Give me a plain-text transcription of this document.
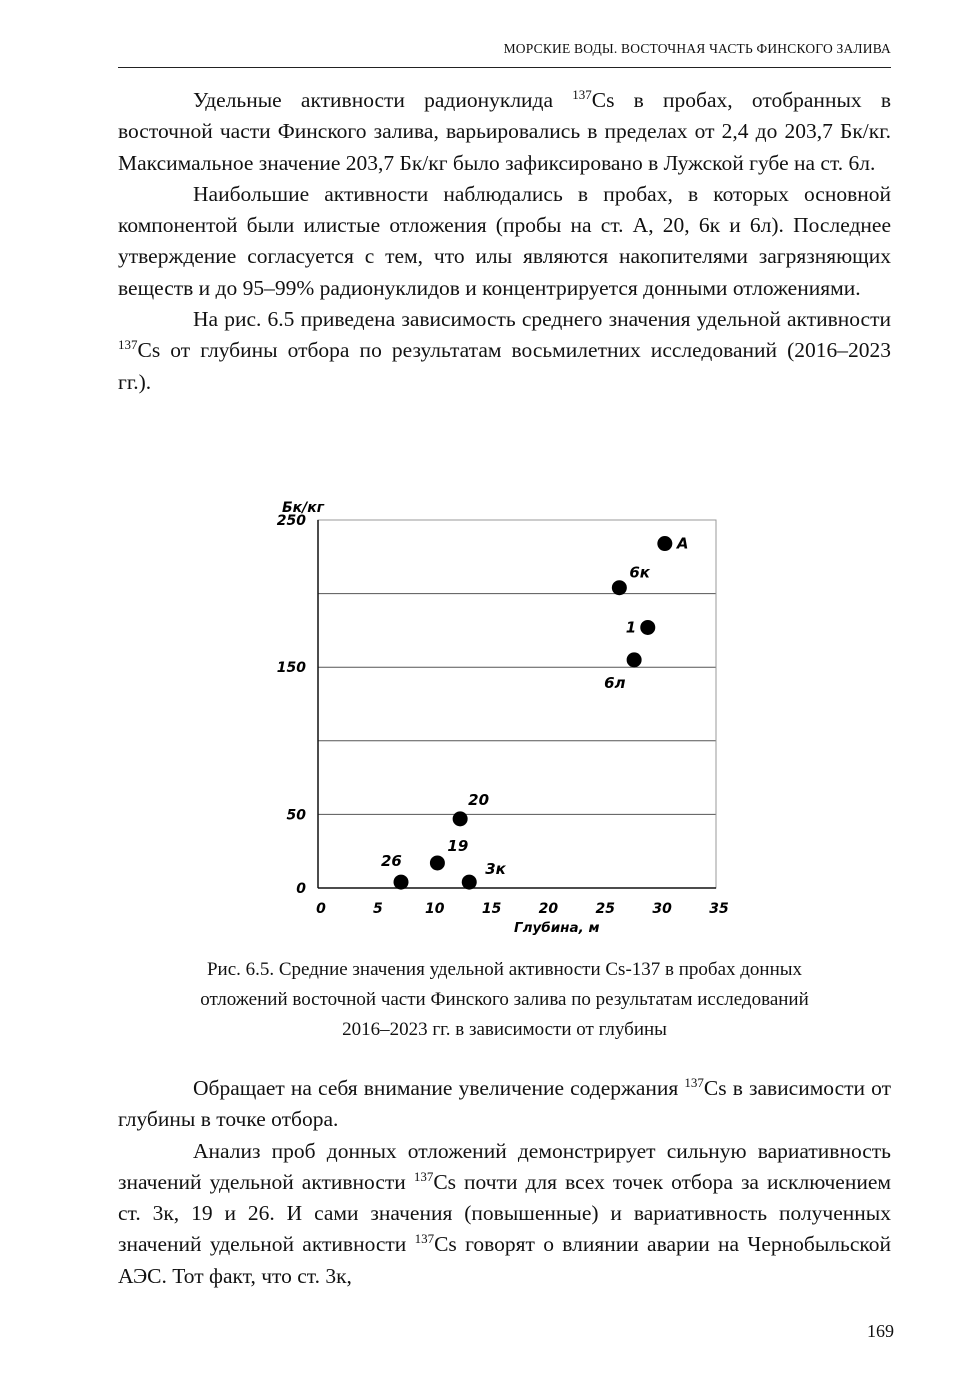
МОРСКИЕ ВОДЫ. ВОСТОЧНАЯ ЧАСТЬ ФИНСКОГО ЗАЛИВА

Удельные активности радионуклида $^{137}$Cs в пробах, отобранных в восточной части Финского залива, варьировались в пределах от 2,4 до 203,7 Бк/кг. Максимальное значение 203,7 Бк/кг было зафиксировано в Лужской губе на ст. 6л.

Наибольшие активности наблюдались в пробах, в которых основной компонентой были илистые отложения (пробы на ст. А, 20, 6к и 6л). Последнее утверждение согласуется с тем, что илы являются накопителями загрязняющих веществ и до 95–99% радионуклидов и концентрируется донными отложениями.

На рис. 6.5 приведена зависимость среднего значения удельной активности $^{137}$Cs от глубины отбора по результатам восьмилетних исследований (2016–2023 гг.).

0
50
150
250
0	5	10	15	20	25	30	35
А
6к
1
6л
20
19
26	3к
Бк/кг
Глубина, м
Рис. 6.5. Средние значения удельной активности Cs-137 в пробах донных
отложений восточной части Финского залива по результатам исследований
2016–2023 гг. в зависимости от глубины

Обращает на себя внимание увеличение содержания $^{137}$Cs в зависимости от глубины в точке отбора.

Анализ проб донных отложений демонстрирует сильную вариативность значений удельной активности $^{137}$Cs почти для всех точек отбора за исключением ст. 3к, 19 и 26. И сами значения (повышенные) и вариативность полученных значений удельной активности $^{137}$Cs говорят о влиянии аварии на Чернобыльской АЭС. Тот факт, что ст. 3к,

169
